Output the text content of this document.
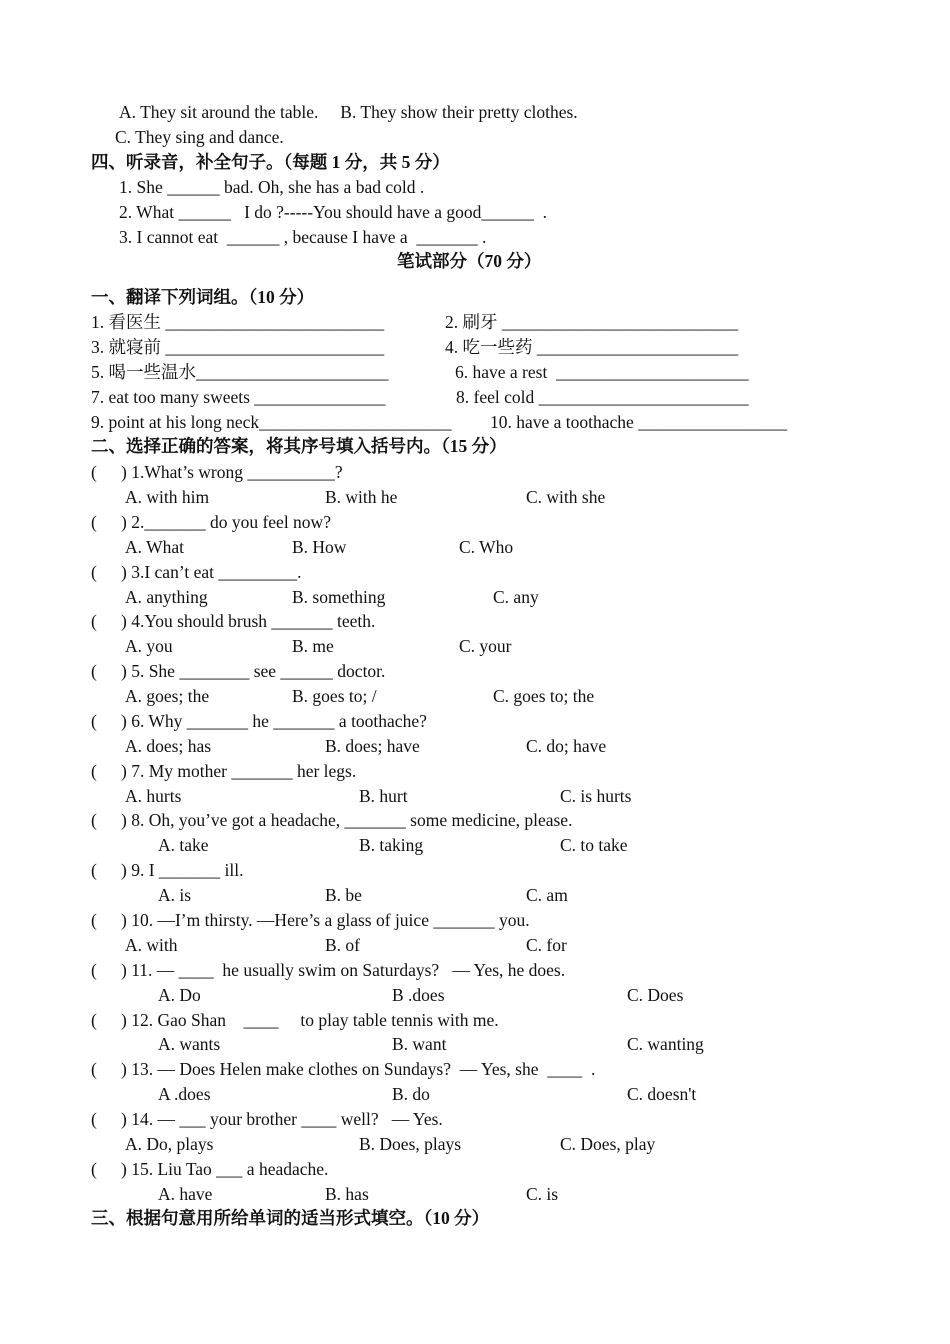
A. They sit around the table.     B. They show their pretty clothes.
C. They sing and dance.
四、听录音，补全句子。（每题 1 分，共 5 分）
1. She ______ bad. Oh, she has a bad cold .
2. What ______   I do ?-----You should have a good______  .
3. I cannot eat  ______ , because I have a  _______ .
笔试部分（70 分）
一、翻译下列词组。（10 分）
1. 看医生 _________________________	2. 刷牙 ___________________________
3. 就寝前 _________________________	4. 吃一些药 _______________________
5. 喝一些温水______________________	6. have a rest  ______________________
7. eat too many sweets _______________	8. feel cold ________________________
9. point at his long neck______________________ 10. have a toothache _________________
二、选择正确的答案，将其序号填入括号内。（15 分）
( ) 1.What’s wrong __________?
A. with him	B. with he	C. with she
( ) 2._______ do you feel now?
A. What	B. How	C. Who
( ) 3.I can’t eat _________.
A. anything	B. something	C. any
( ) 4.You should brush _______ teeth.
A. you	B. me	C. your
( ) 5. She ________ see ______ doctor.
A. goes; the	B. goes to; /	C. goes to; the
( ) 6. Why _______ he _______ a toothache?
A. does; has	B. does; have	C. do; have
( ) 7. My mother _______ her legs.
A. hurts	B. hurt	C. is hurts
( ) 8. Oh, you’ve got a headache, _______ some medicine, please.
A. take	B. taking	C. to take
( ) 9. I _______ ill.
A. is	B. be	C. am
( ) 10. —I’m thirsty. —Here’s a glass of juice _______ you.
A. with	B. of	C. for
( ) 11. — ____  he usually swim on Saturdays?   — Yes, he does.
A. Do	B .does	C. Does
( ) 12. Gao Shan    ____     to play table tennis with me.
A. wants	B. want	C. wanting
( ) 13. — Does Helen make clothes on Sundays?  — Yes, she  ____  .
A .does	B. do	C. doesn't
( ) 14. — ___ your brother ____ well?   — Yes.
A. Do, plays	B. Does, plays	C. Does, play
( ) 15. Liu Tao ___ a headache.
A. have	B. has	C. is
三、根据句意用所给单词的适当形式填空。（10 分）
